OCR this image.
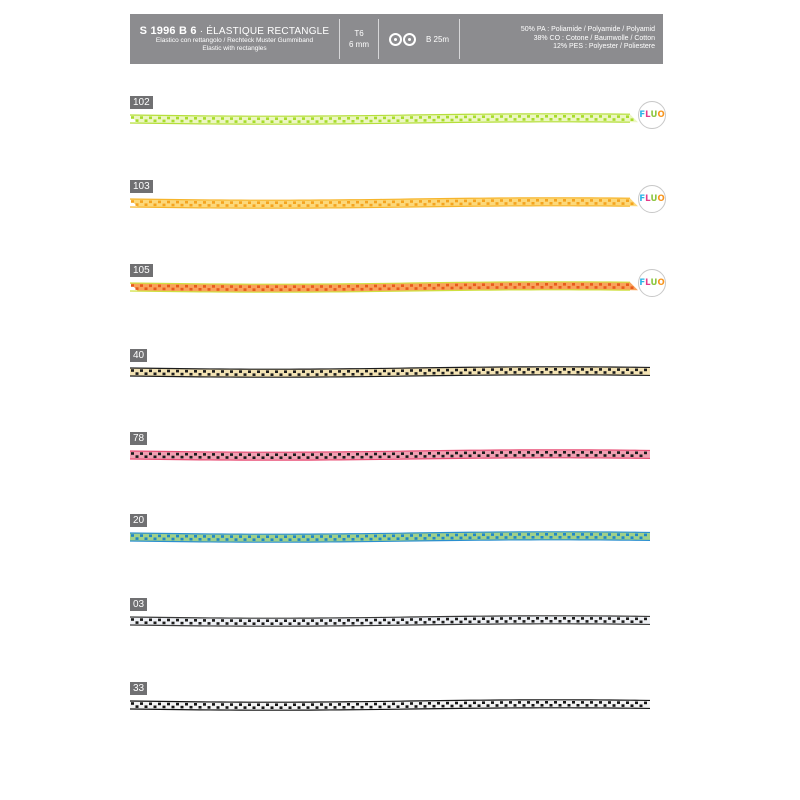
S 1996 B 6 · ÉLASTIQUE RECTANGLE
Elastico con rettangolo / Rechteck Muster Gummiband
Elastic with rectangles
T6
6 mm
B 25m
50% PA : Poliamide / Polyamide / Polyamid
38% CO : Cotone / Baumwolle / Cotton
12% PES : Polyester / Poliestere
102
F L U O
103
F L U O
105
F L U O
40
78
20
03
33
